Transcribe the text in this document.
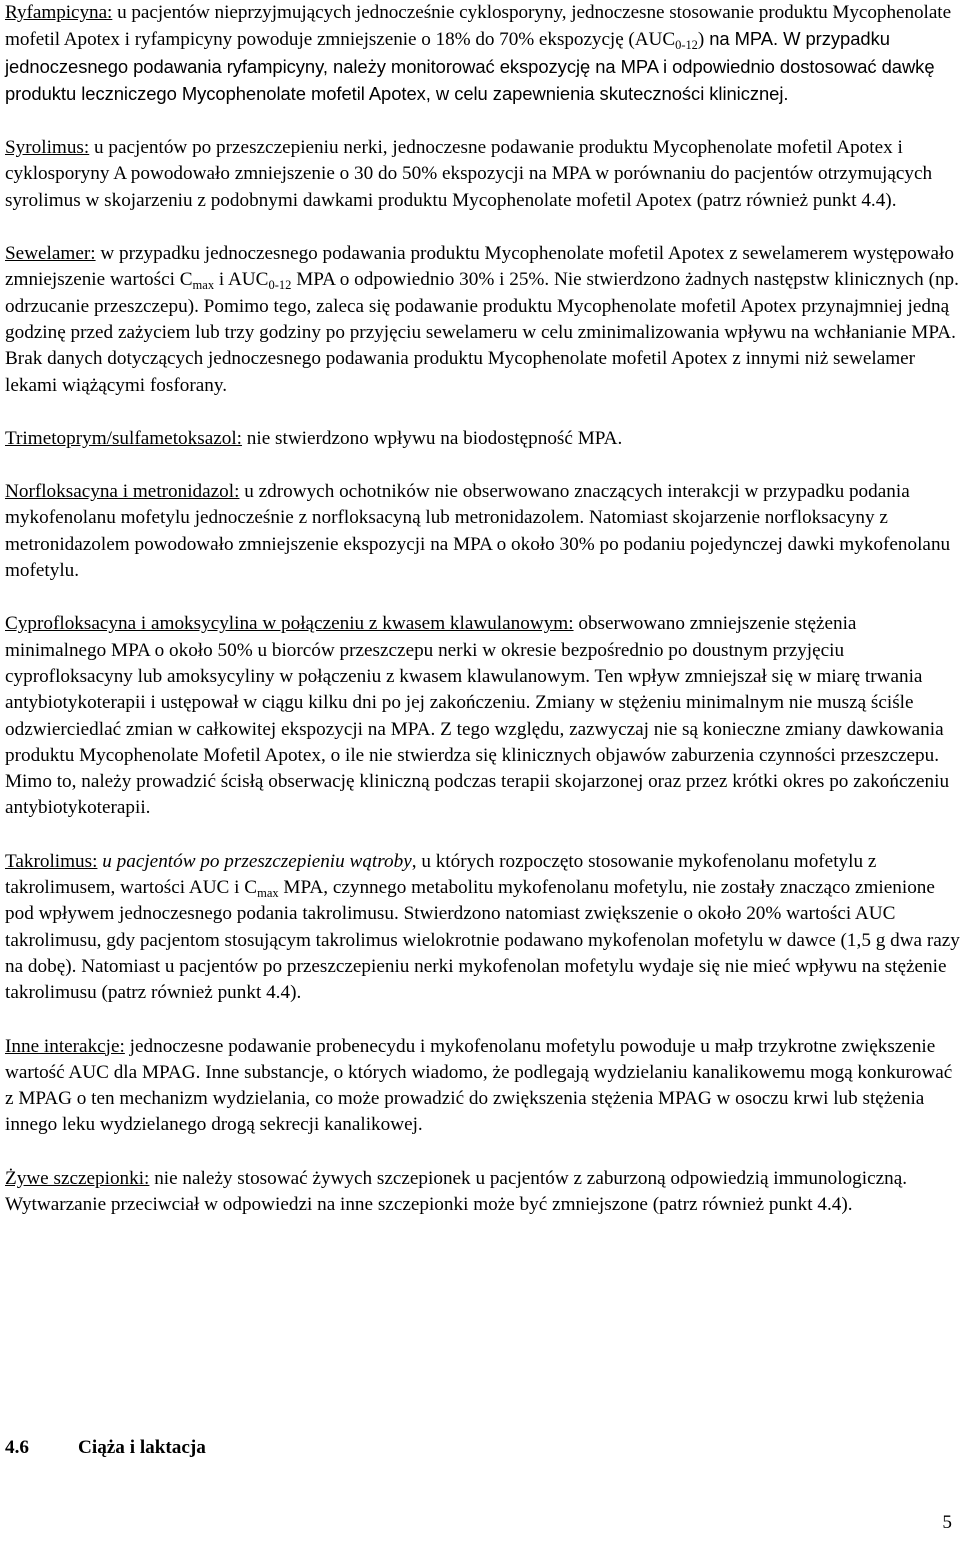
Ryfampicyna: u pacjentów nieprzyjmujących jednocześnie cyklosporyny, jednoczesne stosowanie produktu Mycophenolate mofetil Apotex i ryfampicyny powoduje zmniejszenie o 18% do 70% ekspozycję $(AUC_{0-12})$ na MPA. W przypadku jednoczesnego podawania ryfampicyny, należy monitorować ekspozycję na MPA i odpowiednio dostosować dawkę produktu leczniczego Mycophenolate mofetil Apotex, w celu zapewnienia skuteczności klinicznej.

Syrolimus: u pacjentów po przeszczepieniu nerki, jednoczesne podawanie produktu Mycophenolate mofetil Apotex i cyklosporyny A powodowało zmniejszenie o 30 do 50% ekspozycji na MPA w porównaniu do pacjentów otrzymujących syrolimus w skojarzeniu z podobnymi dawkami produktu Mycophenolate mofetil Apotex (patrz również punkt 4.4).

Sewelamer: w przypadku jednoczesnego podawania produktu Mycophenolate mofetil Apotex z sewelamerem występowało zmniejszenie wartości $C_{max}$ i $AUC_{0-12}$ MPA o odpowiednio 30% i 25%. Nie stwierdzono żadnych następstw klinicznych (np. odrzucanie przeszczepu). Pomimo tego, zaleca się podawanie produktu Mycophenolate mofetil Apotex przynajmniej jedną godzinę przed zażyciem lub trzy godziny po przyjęciu sewelameru w celu zminimalizowania wpływu na wchłanianie MPA. Brak danych dotyczących jednoczesnego podawania produktu Mycophenolate mofetil Apotex z innymi niż sewelamer lekami wiążącymi fosforany.

Trimetoprym/sulfametoksazol: nie stwierdzono wpływu na biodostępność MPA.

Norfloksacyna i metronidazol: u zdrowych ochotników nie obserwowano znaczących interakcji w przypadku podania mykofenolanu mofetylu jednocześnie z norfloksacyną lub metronidazolem. Natomiast skojarzenie norfloksacyny z metronidazolem powodowało zmniejszenie ekspozycji na MPA o około 30% po podaniu pojedynczej dawki mykofenolanu mofetylu.

Cyprofloksacyna i amoksycylina w połączeniu z kwasem klawulanowym: obserwowano zmniejszenie stężenia minimalnego MPA o około 50% u biorców przeszczepu nerki w okresie bezpośrednio po doustnym przyjęciu cyprofloksacyny lub amoksycyliny w połączeniu z kwasem klawulanowym. Ten wpływ zmniejszał się w miarę trwania antybiotykoterapii i ustępował w ciągu kilku dni po jej zakończeniu. Zmiany w stężeniu minimalnym nie muszą ściśle odzwierciedlać zmian w całkowitej ekspozycji na MPA. Z tego względu, zazwyczaj nie są konieczne zmiany dawkowania produktu Mycophenolate Mofetil Apotex, o ile nie stwierdza się klinicznych objawów zaburzenia czynności przeszczepu. Mimo to, należy prowadzić ścisłą obserwację kliniczną podczas terapii skojarzonej oraz przez krótki okres po zakończeniu antybiotykoterapii.

Takrolimus: u pacjentów po przeszczepieniu wątroby, u których rozpoczęto stosowanie mykofenolanu mofetylu z takrolimusem, wartości AUC i $C_{max}$ MPA, czynnego metabolitu mykofenolanu mofetylu, nie zostały znacząco zmienione pod wpływem jednoczesnego podania takrolimusu. Stwierdzono natomiast zwiększenie o około 20% wartości AUC takrolimusu, gdy pacjentom stosującym takrolimus wielokrotnie podawano mykofenolan mofetylu w dawce (1,5 g dwa razy na dobę). Natomiast u pacjentów po przeszczepieniu nerki mykofenolan mofetylu wydaje się nie mieć wpływu na stężenie takrolimusu (patrz również punkt 4.4).

Inne interakcje: jednoczesne podawanie probenecydu i mykofenolanu mofetylu powoduje u małp trzykrotne zwiększenie wartość AUC dla MPAG. Inne substancje, o których wiadomo, że podlegają wydzielaniu kanalikowemu mogą konkurować z MPAG o ten mechanizm wydzielania, co może prowadzić do zwiększenia stężenia MPAG w osoczu krwi lub stężenia innego leku wydzielanego drogą sekrecji kanalikowej.

Żywe szczepionki: nie należy stosować żywych szczepionek u pacjentów z zaburzoną odpowiedzią immunologiczną. Wytwarzanie przeciwciał w odpowiedzi na inne szczepionki może być zmniejszone (patrz również punkt 4.4).

4.6	Ciąża i laktacja

5
